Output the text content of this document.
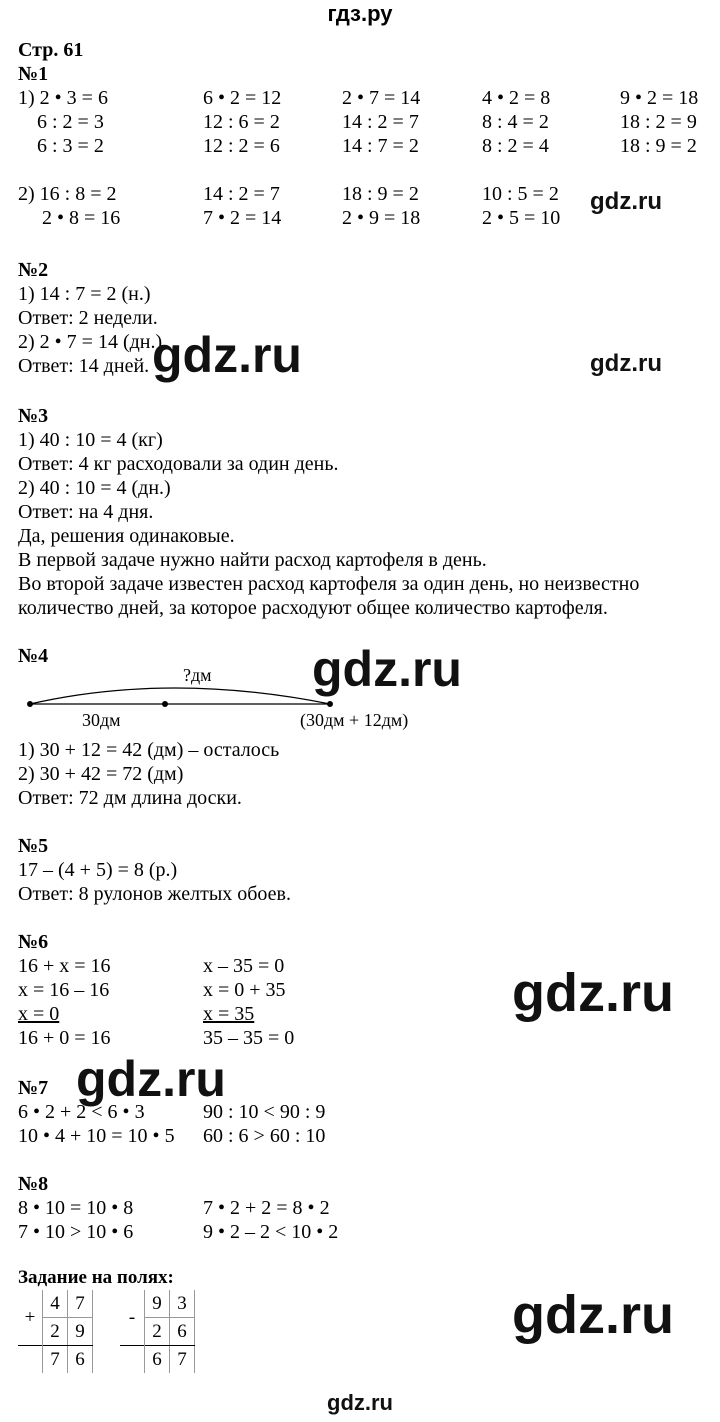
гдз.ру
Стр. 61
№1
1) 2 • 3 = 6	6 • 2 = 12	2 • 7 = 14	4 • 2 = 8	9 • 2 = 18
6 : 2 = 3	12 : 6 = 2	14 : 2 = 7	8 : 4 = 2	18 : 2 = 9
6 : 3 = 2	12 : 2 = 6	14 : 7 = 2	8 : 2 = 4	18 : 9 = 2
2) 16 : 8 = 2	14 : 2 = 7	18 : 9 = 2	10 : 5 = 2
2 • 8 = 16	7 • 2 = 14	2 • 9 = 18	2 • 5 = 10
gdz.ru
№2
1) 14 : 7 = 2 (н.)
Ответ: 2 недели.
2) 2 • 7 = 14 (дн.)
Ответ: 14 дней. gdz.ru	gdz.ru
№3
1) 40 : 10 = 4 (кг)
Ответ: 4 кг расходовали за один день.
2) 40 : 10 = 4 (дн.)
Ответ: на 4 дня.
Да, решения одинаковые.
В первой задаче нужно найти расход картофеля в день.
Во второй задаче известен расход картофеля за один день, но неизвестно
количество дней, за которое расходуют общее количество картофеля.
№4	gdz.ru
?дм
30дм	(30дм + 12дм)
1) 30 + 12 = 42 (дм) – осталось
2) 30 + 42 = 72 (дм)
Ответ: 72 дм длина доски.
№5
17 – (4 + 5) = 8 (р.)
Ответ: 8 рулонов желтых обоев.
№6
16 + x = 16
x = 16 – 16
x = 0
16 + 0 = 16
x – 35 = 0
x = 0 + 35
x = 35
35 – 35 = 0
gdz.ru
gdz.ru
№7
6 • 2 + 2 < 6 • 3
10 • 4 + 10 = 10 • 5
90 : 10 < 90 : 9
60 : 6 > 60 : 10
№8
8 • 10 = 10 • 8
7 • 10 > 10 • 6
7 • 2 + 2 = 8 • 2
9 • 2 – 2 < 10 • 2
Задание на полях:
+	4	7
	2	9
	7	6
-	9	3
	2	6
	6	7
gdz.ru
gdz.ru
